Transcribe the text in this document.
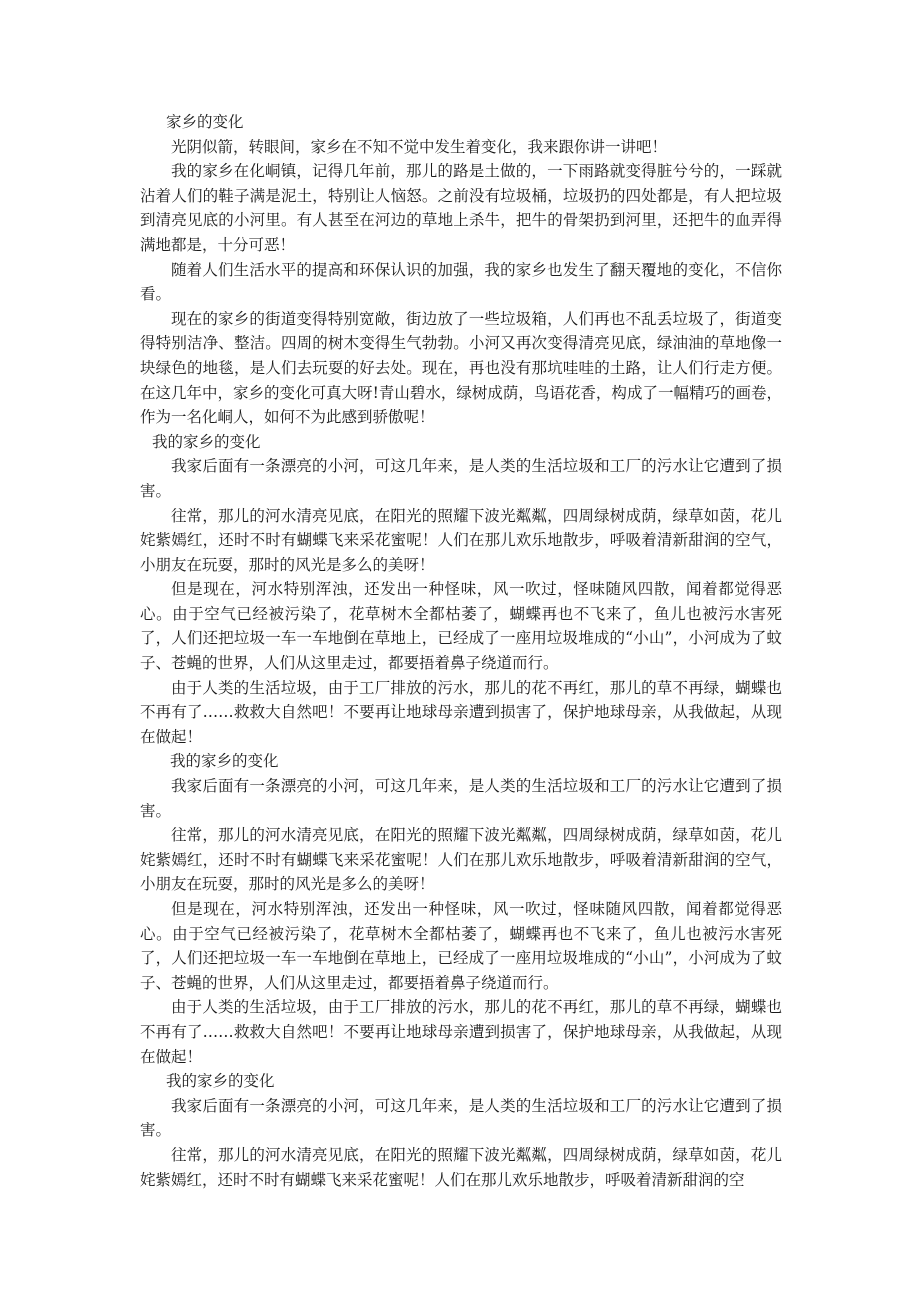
家乡的变化

光阴似箭，转眼间，家乡在不知不觉中发生着变化，我来跟你讲一讲吧！

我的家乡在化峒镇，记得几年前，那儿的路是土做的，一下雨路就变得脏兮兮的，一踩就沾着人们的鞋子满是泥土，特别让人恼怒。之前没有垃圾桶，垃圾扔的四处都是，有人把垃圾到清亮见底的小河里。有人甚至在河边的草地上杀牛，把牛的骨架扔到河里，还把牛的血弄得满地都是，十分可恶！

随着人们生活水平的提高和环保认识的加强，我的家乡也发生了翻天覆地的变化，不信你看。

现在的家乡的街道变得特别宽敞，街边放了一些垃圾箱，人们再也不乱丢垃圾了，街道变得特别洁净、整洁。四周的树木变得生气勃勃。小河又再次变得清亮见底，绿油油的草地像一块绿色的地毯，是人们去玩耍的好去处。现在，再也没有那坑哇哇的土路，让人们行走方便。 在这几年中，家乡的变化可真大呀!青山碧水，绿树成荫，鸟语花香，构成了一幅精巧的画卷，作为一名化峒人，如何不为此感到骄傲呢！

我的家乡的变化

我家后面有一条漂亮的小河，可这几年来，是人类的生活垃圾和工厂的污水让它遭到了损害。

往常，那儿的河水清亮见底，在阳光的照耀下波光粼粼，四周绿树成荫，绿草如茵，花儿姹紫嫣红，还时不时有蝴蝶飞来采花蜜呢！人们在那儿欢乐地散步，呼吸着清新甜润的空气，小朋友在玩耍，那时的风光是多么的美呀！

但是现在，河水特别浑浊，还发出一种怪味，风一吹过，怪味随风四散，闻着都觉得恶心。由于空气已经被污染了，花草树木全都枯萎了，蝴蝶再也不飞来了，鱼儿也被污水害死了，人们还把垃圾一车一车地倒在草地上，已经成了一座用垃圾堆成的“小山”，小河成为了蚊子、苍蝇的世界，人们从这里走过，都要捂着鼻子绕道而行。

由于人类的生活垃圾，由于工厂排放的污水，那儿的花不再红，那儿的草不再绿，蝴蝶也不再有了……救救大自然吧！不要再让地球母亲遭到损害了，保护地球母亲，从我做起，从现在做起！

我的家乡的变化

我家后面有一条漂亮的小河，可这几年来，是人类的生活垃圾和工厂的污水让它遭到了损害。

往常，那儿的河水清亮见底，在阳光的照耀下波光粼粼，四周绿树成荫，绿草如茵，花儿姹紫嫣红，还时不时有蝴蝶飞来采花蜜呢！人们在那儿欢乐地散步，呼吸着清新甜润的空气，小朋友在玩耍，那时的风光是多么的美呀！

但是现在，河水特别浑浊，还发出一种怪味，风一吹过，怪味随风四散，闻着都觉得恶心。由于空气已经被污染了，花草树木全都枯萎了，蝴蝶再也不飞来了，鱼儿也被污水害死了，人们还把垃圾一车一车地倒在草地上，已经成了一座用垃圾堆成的“小山”，小河成为了蚊子、苍蝇的世界，人们从这里走过，都要捂着鼻子绕道而行。

由于人类的生活垃圾，由于工厂排放的污水，那儿的花不再红，那儿的草不再绿，蝴蝶也不再有了……救救大自然吧！不要再让地球母亲遭到损害了，保护地球母亲，从我做起，从现在做起！

我的家乡的变化

我家后面有一条漂亮的小河，可这几年来，是人类的生活垃圾和工厂的污水让它遭到了损害。

往常，那儿的河水清亮见底，在阳光的照耀下波光粼粼，四周绿树成荫，绿草如茵，花儿姹紫嫣红，还时不时有蝴蝶飞来采花蜜呢！人们在那儿欢乐地散步，呼吸着清新甜润的空
